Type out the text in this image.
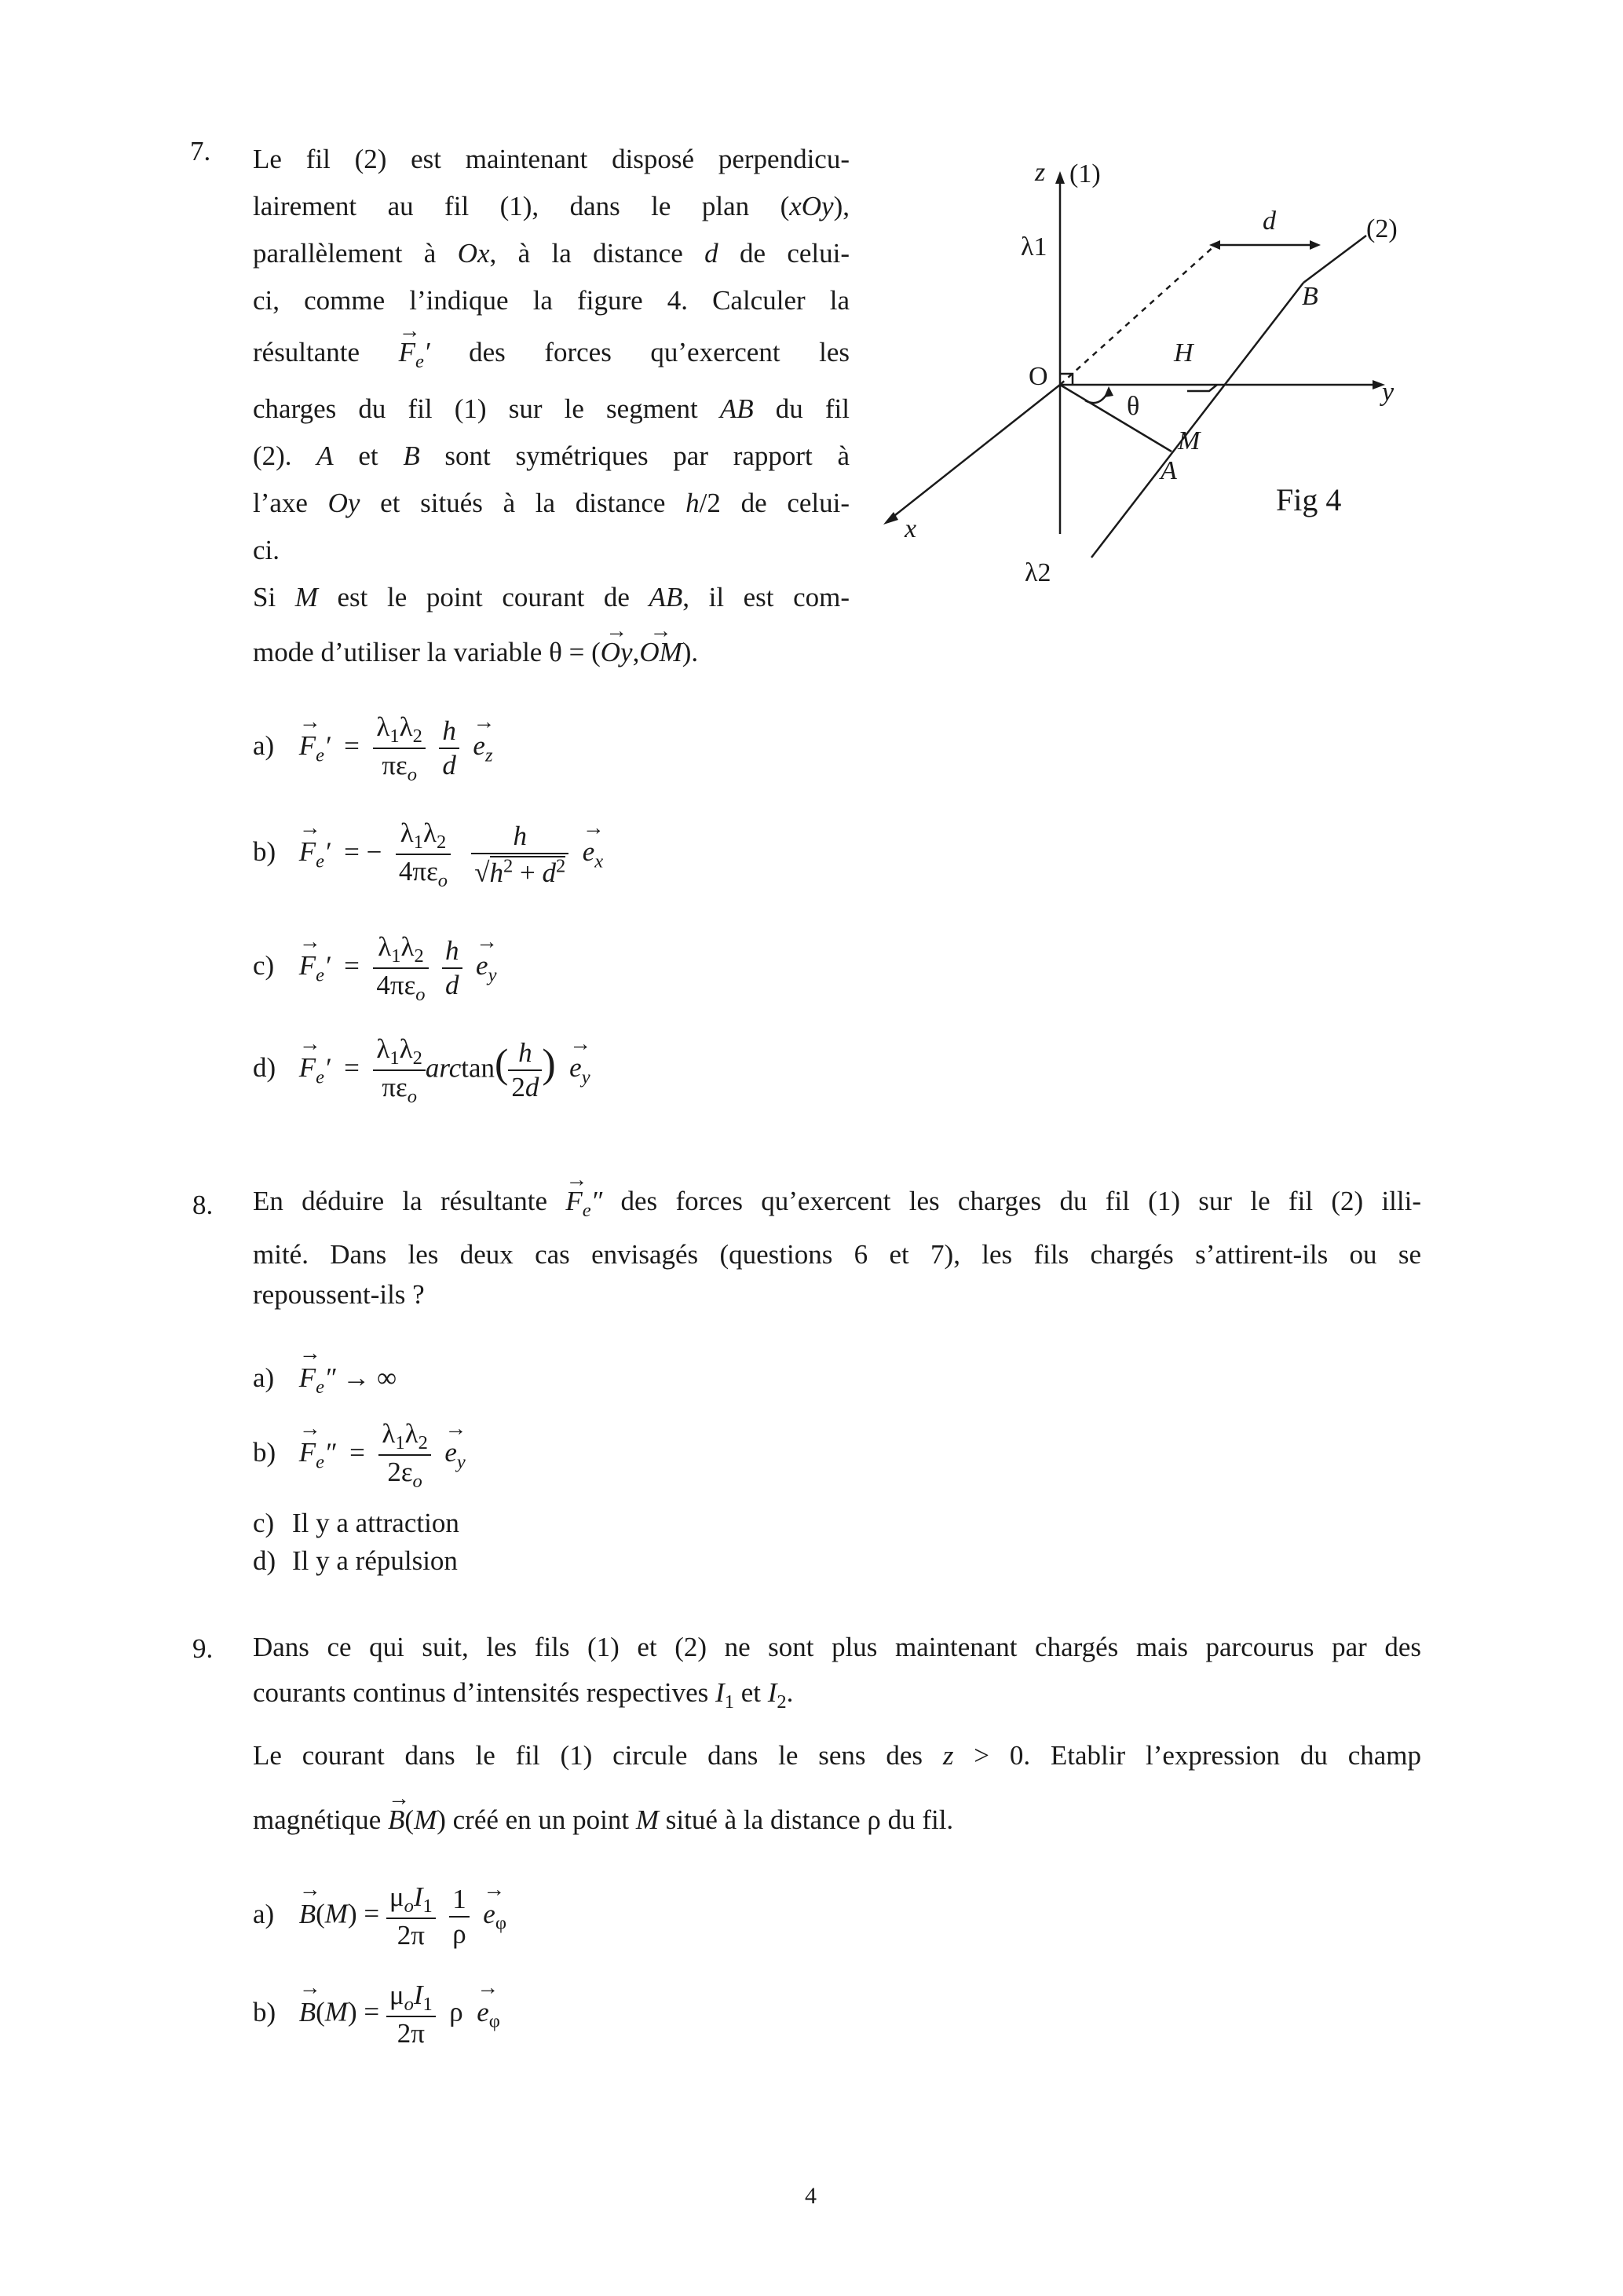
7. Le fil (2) est maintenant disposé perpendicu-
lairement au fil (1), dans le plan (xOy),
parallèlement à Ox, à la distance d de celui-
ci, comme l’indique la figure 4. Calculer la
résultante → $F_e'$ des forces qu’exercent les
charges du fil (1) sur le segment AB du fil
(2). A et B sont symétriques par rapport à
l’axe Oy et situés à la distance h/2 de celui-
ci.
Si M est le point courant de AB, il est com-
mode d’utiliser la variable θ = (→ Oy,→ OM).
$a) \to F_e' = \frac{\lambda_1\lambda_2}{\pi\varepsilon_o}$
$\frac{h}{d}$
→ $e_z$
$b) \to F_e'$  = − $\frac{\lambda_1\lambda_2}{4\pi\varepsilon_o}$
$\frac{h}{√h^2 + d^2}$
→ $e_x$
$c) \to F_e' = \frac{\lambda_1\lambda_2}{4\pi\varepsilon_o}$
$\frac{h}{d}$
→ $e_y$
$d) \to F_e' = \frac{\lambda_1\lambda_2}{\pi\varepsilon_o} \arctan( \frac{h}{2d}$ )  → $e_y$
z (1)
λ1
d	(2)
B
H
O
y
θ
M
A
x
λ2
Fig 4
8. En déduire la résultante → $F_e''$ des forces qu’exercent les charges du fil (1) sur le fil (2) illi-
mité. Dans les deux cas envisagés (questions 6 et 7), les fils chargés s’attirent-ils ou se
repoussent-ils ?
$a) \to F_e''$ → ∞
$b) \to F_e'' = \frac{\lambda_1\lambda_2}{2\varepsilon_o}$
→ $e_y$
c) Il y a attraction
d) Il y a répulsion
9. Dans ce qui suit, les fils (1) et (2) ne sont plus maintenant chargés mais parcourus par des
courants continus d’intensités respectives $I_1$ et $I_2$.
Le courant dans le fil (1) circule dans le sens des z > 0. Etablir l’expression du champ
magnétique → B(M) créé en un point M situé à la distance ρ du fil.
$a) \to B(M) = \frac{\mu_oI_1}{2\pi}$
$\frac{1}{\rho}$
→ $e_\varphi$
$b) \to B(M) = \frac{\mu_oI_1}{2\pi}$ $\rho \to e_\varphi$
4
